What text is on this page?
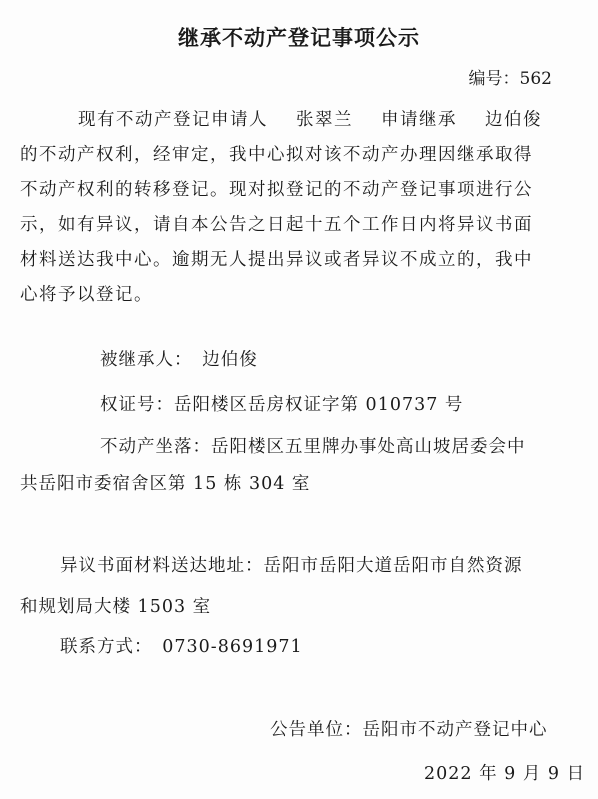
继承不动产登记事项公示
编号：562
现有不动产登记申请人 张翠兰 申请继承 边伯俊
的不动产权利，经审定，我中心拟对该不动产办理因继承取得
不动产权利的转移登记。现对拟登记的不动产登记事项进行公
示，如有异议，请自本公告之日起十五个工作日内将异议书面
材料送达我中心。逾期无人提出异议或者异议不成立的，我中
心将予以登记。
被继承人：　边伯俊
权证号：岳阳楼区岳房权证字第 010737 号
不动产坐落：岳阳楼区五里牌办事处高山坡居委会中
共岳阳市委宿舍区第 15 栋 304 室
异议书面材料送达地址：岳阳市岳阳大道岳阳市自然资源
和规划局大楼 1503 室
联系方式：　0730-8691971
公告单位：岳阳市不动产登记中心
2022 年 9 月 9 日
